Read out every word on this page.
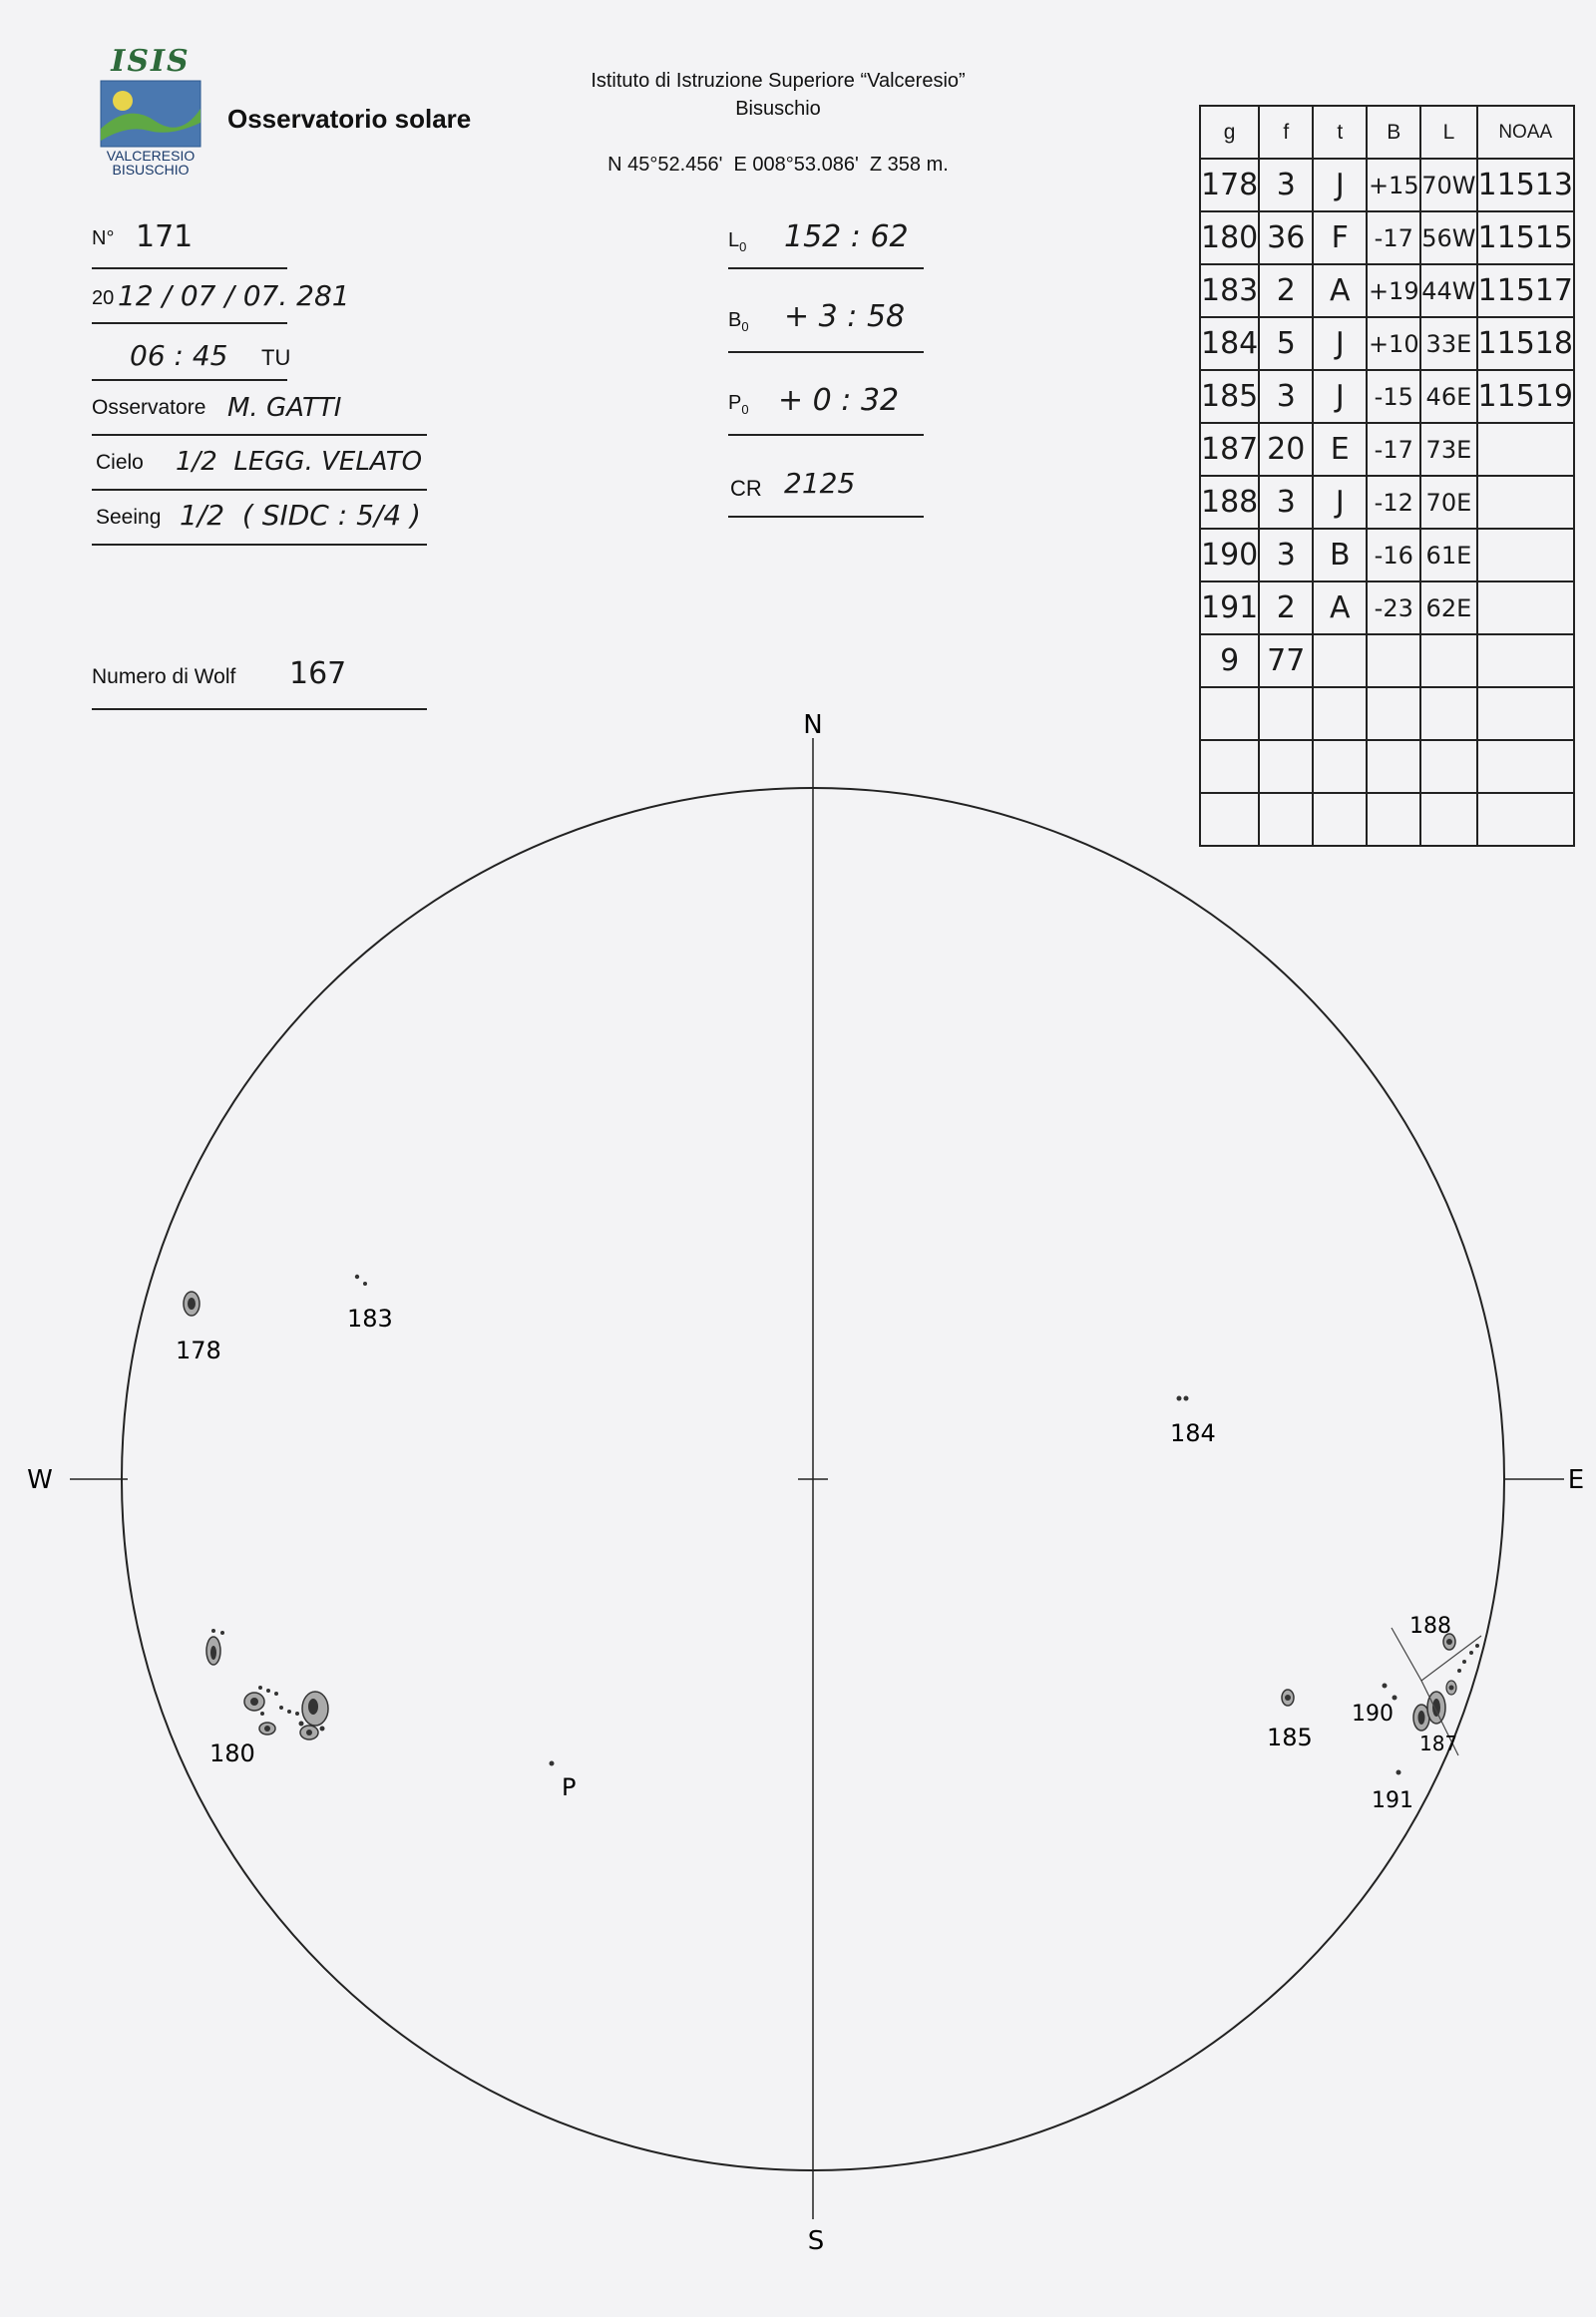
ISIS
VALCERESIO
BISUSCHIO
Osservatorio solare
Istituto di Istruzione Superiore “Valceresio”
Bisuschio
N 45°52.456'  E 008°53.086'  Z 358 m.
N° 171
20 12 / 07 / 07. 281
06 : 45 TU
Osservatore M. GATTI
Cielo 1/2  LEGG. VELATO
Seeing 1/2  ( SIDC : 5/4 )
Numero di Wolf 167
$L_0$ 152 : 62
$B_0 + 3$ : 58
$P_0 + 0$ : 32
CR 2125
g	f	t	B	L	NOAA
178	3	J	+15	70W	11513
180	36	F	-17	56W	11515
183	2	A	+19	44W	11517
184	5	J	+10	33E	11518
185	3	J	-15	46E	11519
187	20	E	-17	73E	
188	3	J	-12	70E	
190	3	B	-16	61E	
191	2	A	-23	62E	
9	77				

N
S
W	E
P
178
183
184
180
185
188
190
187
191
